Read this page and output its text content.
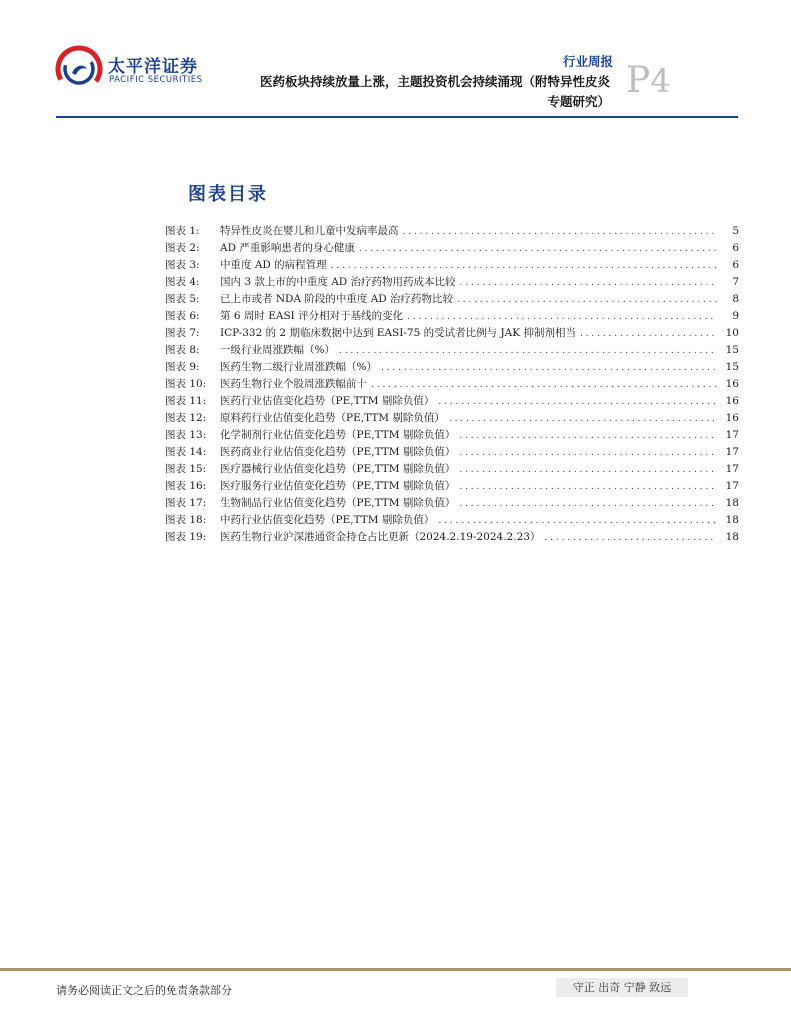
太平洋证券
PACIFIC SECURITIES
行业周报
医药板块持续放量上涨，主题投资机会持续涌现（附特异性皮炎
专题研究）
P4
图表目录
图表 1:	特异性皮炎在婴儿和儿童中发病率最高 . . .	5
图表 2:	AD 严重影响患者的身心健康 . . .	6
图表 3:	中重度 AD 的病程管理 . . .	6
图表 4:	国内 3 款上市的中重度 AD 治疗药物用药成本比较 . . .	7
图表 5:	已上市或者 NDA 阶段的中重度 AD 治疗药物比较 . . .	8
图表 6:	第 6 周时 EASI 评分相对于基线的变化 . . .	9
图表 7:	ICP-332 的 2 期临床数据中达到 EASI-75 的受试者比例与 JAK 抑制剂相当 . . .	10
图表 8:	一级行业周涨跌幅（%） . . .	15
图表 9:	医药生物二级行业周涨跌幅（%） . . .	15
图表 10:	医药生物行业个股周涨跌幅前十 . . .	16
图表 11:	医药行业估值变化趋势（PE,TTM 剔除负值） . . .	16
图表 12:	原料药行业估值变化趋势（PE,TTM 剔除负值） . . .	16
图表 13:	化学制剂行业估值变化趋势（PE,TTM 剔除负值） . . .	17
图表 14:	医药商业行业估值变化趋势（PE,TTM 剔除负值） . . .	17
图表 15:	医疗器械行业估值变化趋势（PE,TTM 剔除负值） . . .	17
图表 16:	医疗服务行业估值变化趋势（PE,TTM 剔除负值） . . .	17
图表 17:	生物制品行业估值变化趋势（PE,TTM 剔除负值） . . .	18
图表 18:	中药行业估值变化趋势（PE,TTM 剔除负值） . . .	18
图表 19:	医药生物行业沪深港通资金持仓占比更新（2024.2.19-2024.2.23） . . .	18
请务必阅读正文之后的免责条款部分	守正 出奇 宁静 致远
